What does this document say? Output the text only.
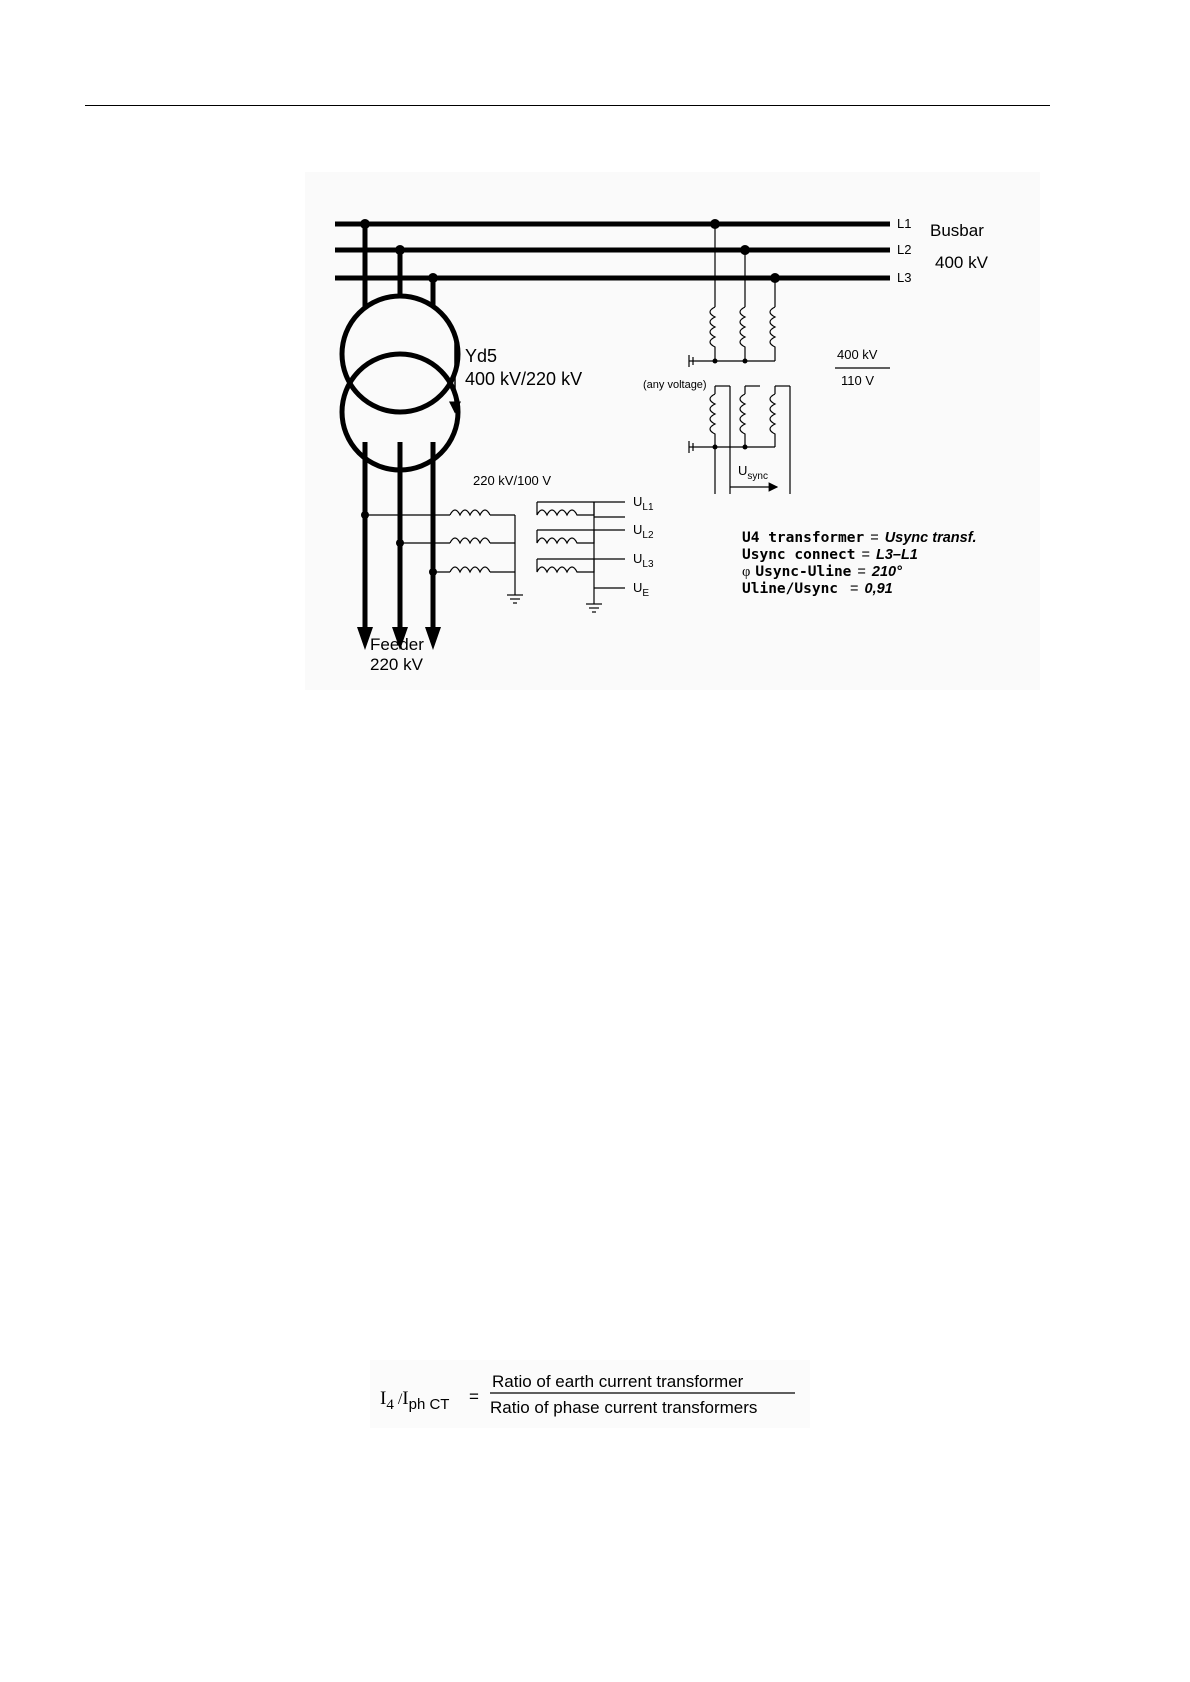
L1
L2
L3
Busbar
400 kV
Feeder
220 kV
Yd5
400 kV/220 kV
220 kV/100 V
$U_{L1}$
$U_{L2}$
$U_{L3}$
$U_E$
400 kV
110 V
(any voltage)
$U_{sync}$
U4 transformer = Usync transf.
Usync connect = L3–L1
φ Usync-Uline = 210°
Uline/Usync = 0,91
$I_4$ $^/I_{ph CT}$ =
Ratio of earth current transformer
Ratio of phase current transformers
